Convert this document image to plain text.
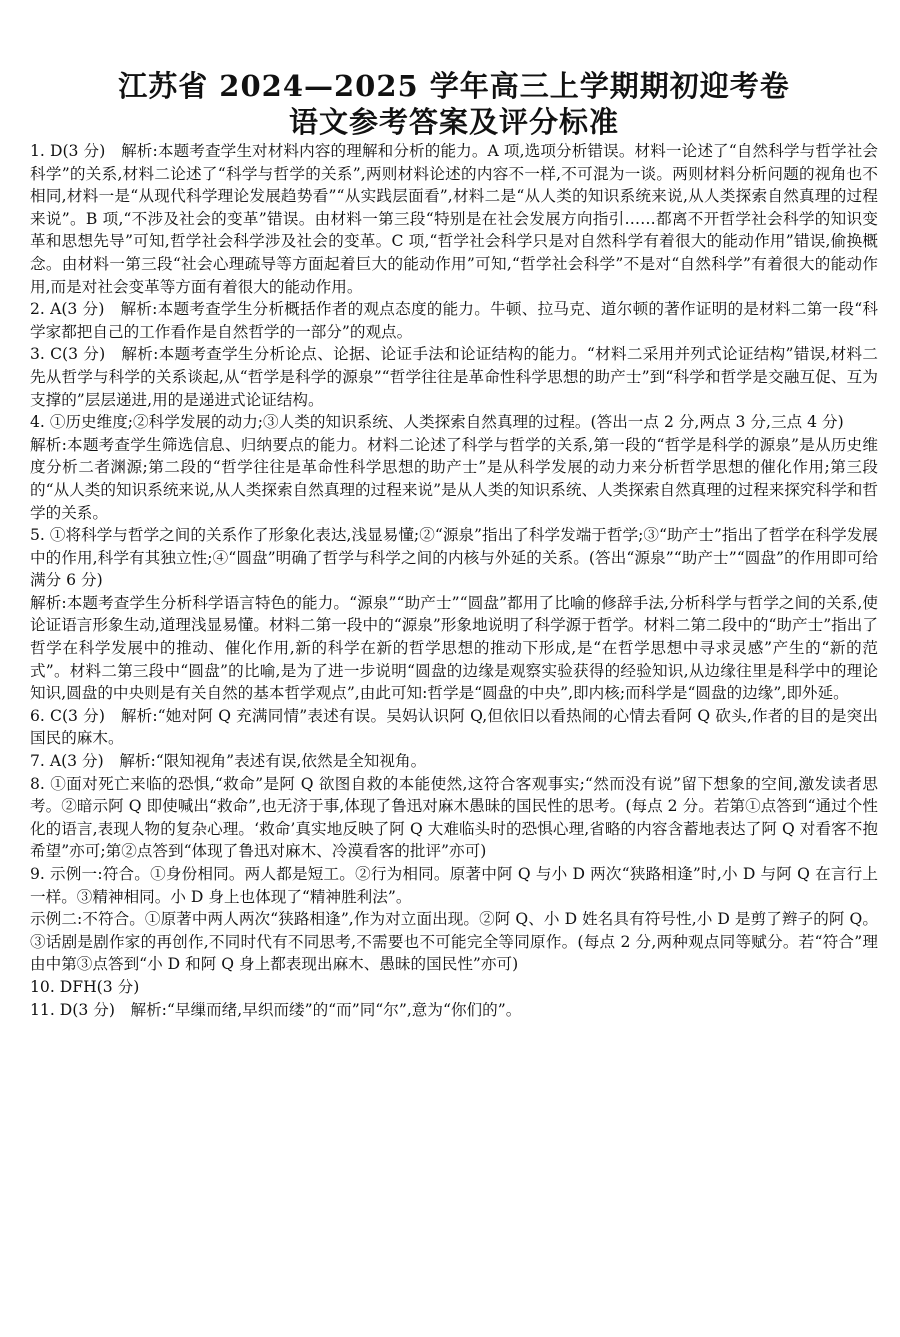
江苏省 2024—2025 学年高三上学期期初迎考卷
语文参考答案及评分标准

1. D(3 分)　解析:本题考查学生对材料内容的理解和分析的能力。A 项,选项分析错误。材料一论述了“自然科学与哲学社会科学”的关系,材料二论述了“科学与哲学的关系”,两则材料论述的内容不一样,不可混为一谈。两则材料分析问题的视角也不相同,材料一是“从现代科学理论发展趋势看”“从实践层面看”,材料二是“从人类的知识系统来说,从人类探索自然真理的过程来说”。B 项,“不涉及社会的变革”错误。由材料一第三段“特别是在社会发展方向指引……都离不开哲学社会科学的知识变革和思想先导”可知,哲学社会科学涉及社会的变革。C 项,“哲学社会科学只是对自然科学有着很大的能动作用”错误,偷换概念。由材料一第三段“社会心理疏导等方面起着巨大的能动作用”可知,“哲学社会科学”不是对“自然科学”有着很大的能动作用,而是对社会变革等方面有着很大的能动作用。

2. A(3 分)　解析:本题考查学生分析概括作者的观点态度的能力。牛顿、拉马克、道尔顿的著作证明的是材料二第一段“科学家都把自己的工作看作是自然哲学的一部分”的观点。

3. C(3 分)　解析:本题考查学生分析论点、论据、论证手法和论证结构的能力。“材料二采用并列式论证结构”错误,材料二先从哲学与科学的关系谈起,从“哲学是科学的源泉”“哲学往往是革命性科学思想的助产士”到“科学和哲学是交融互促、互为支撑的”层层递进,用的是递进式论证结构。

4. ①历史维度;②科学发展的动力;③人类的知识系统、人类探索自然真理的过程。(答出一点 2 分,两点 3 分,三点 4 分)

解析:本题考查学生筛选信息、归纳要点的能力。材料二论述了科学与哲学的关系,第一段的“哲学是科学的源泉”是从历史维度分析二者渊源;第二段的“哲学往往是革命性科学思想的助产士”是从科学发展的动力来分析哲学思想的催化作用;第三段的“从人类的知识系统来说,从人类探索自然真理的过程来说”是从人类的知识系统、人类探索自然真理的过程来探究科学和哲学的关系。

5. ①将科学与哲学之间的关系作了形象化表达,浅显易懂;②“源泉”指出了科学发端于哲学;③“助产士”指出了哲学在科学发展中的作用,科学有其独立性;④“圆盘”明确了哲学与科学之间的内核与外延的关系。(答出“源泉”“助产士”“圆盘”的作用即可给满分 6 分)

解析:本题考查学生分析科学语言特色的能力。“源泉”“助产士”“圆盘”都用了比喻的修辞手法,分析科学与哲学之间的关系,使论证语言形象生动,道理浅显易懂。材料二第一段中的“源泉”形象地说明了科学源于哲学。材料二第二段中的“助产士”指出了哲学在科学发展中的推动、催化作用,新的科学在新的哲学思想的推动下形成,是“在哲学思想中寻求灵感”产生的“新的范式”。材料二第三段中“圆盘”的比喻,是为了进一步说明“圆盘的边缘是观察实验获得的经验知识,从边缘往里是科学中的理论知识,圆盘的中央则是有关自然的基本哲学观点”,由此可知:哲学是“圆盘的中央”,即内核;而科学是“圆盘的边缘”,即外延。

6. C(3 分)　解析:“她对阿 Q 充满同情”表述有误。吴妈认识阿 Q,但依旧以看热闹的心情去看阿 Q 砍头,作者的目的是突出国民的麻木。

7. A(3 分)　解析:“限知视角”表述有误,依然是全知视角。

8. ①面对死亡来临的恐惧,“救命”是阿 Q 欲图自救的本能使然,这符合客观事实;“然而没有说”留下想象的空间,激发读者思考。②暗示阿 Q 即使喊出“救命”,也无济于事,体现了鲁迅对麻木愚昧的国民性的思考。(每点 2 分。若第①点答到“通过个性化的语言,表现人物的复杂心理。‘救命’真实地反映了阿 Q 大难临头时的恐惧心理,省略的内容含蓄地表达了阿 Q 对看客不抱希望”亦可;第②点答到“体现了鲁迅对麻木、冷漠看客的批评”亦可)

9. 示例一:符合。①身份相同。两人都是短工。②行为相同。原著中阿 Q 与小 D 两次“狭路相逢”时,小 D 与阿 Q 在言行上一样。③精神相同。小 D 身上也体现了“精神胜利法”。

示例二:不符合。①原著中两人两次“狭路相逢”,作为对立面出现。②阿 Q、小 D 姓名具有符号性,小 D 是剪了辫子的阿 Q。③话剧是剧作家的再创作,不同时代有不同思考,不需要也不可能完全等同原作。(每点 2 分,两种观点同等赋分。若“符合”理由中第③点答到“小 D 和阿 Q 身上都表现出麻木、愚昧的国民性”亦可)

10. DFH(3 分)

11. D(3 分)　解析:“早缫而绪,早织而缕”的“而”同“尔”,意为“你们的”。
